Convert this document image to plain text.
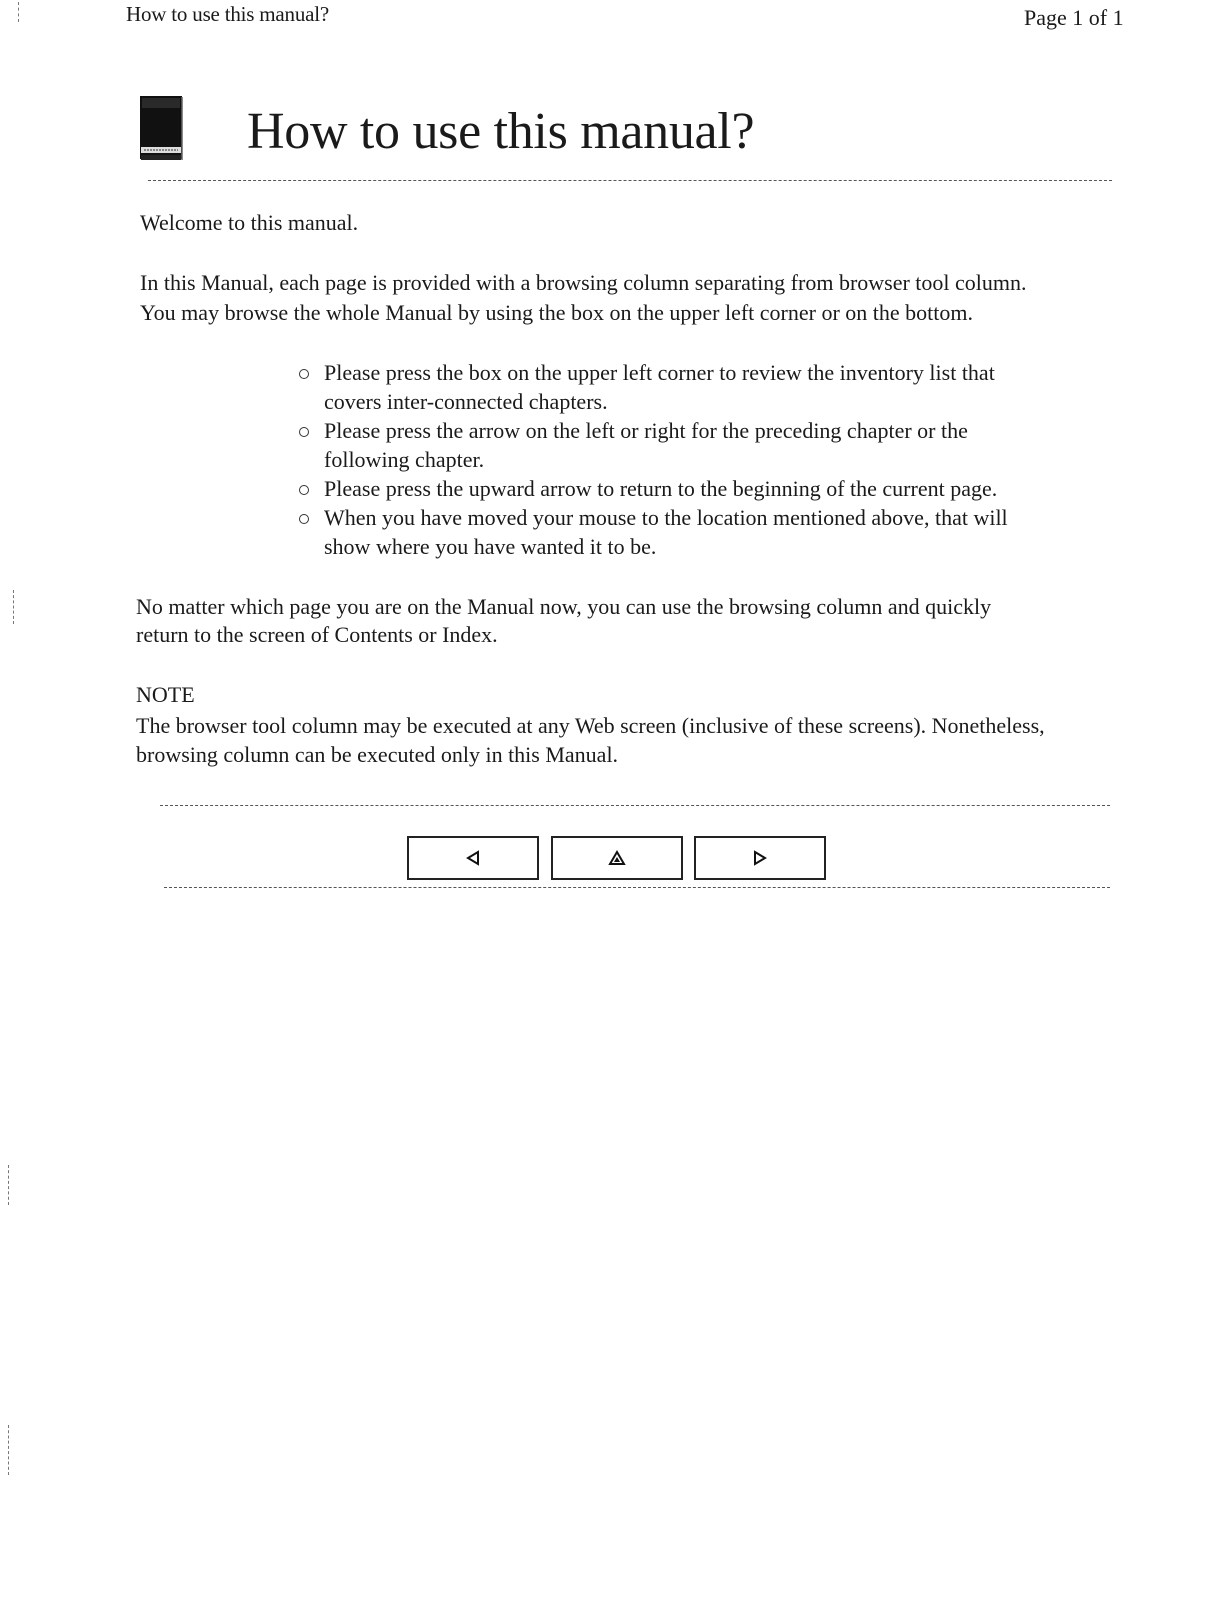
How to use this manual?	Page 1 of 1
How to use this manual?

Welcome to this manual.

In this Manual, each page is provided with a browsing column separating from browser tool column.
You may browse the whole Manual by using the box on the upper left corner or on the bottom.

Please press the box on the upper left corner to review the inventory list that covers inter-connected chapters.
Please press the arrow on the left or right for the preceding chapter or the following chapter.
Please press the upward arrow to return to the beginning of the current page.
When you have moved your mouse to the location mentioned above, that will show where you have wanted it to be.

No matter which page you are on the Manual now, you can use the browsing column and quickly
return to the screen of Contents or Index.

NOTE

The browser tool column may be executed at any Web screen (inclusive of these screens). Nonetheless,
browsing column can be executed only in this Manual.
